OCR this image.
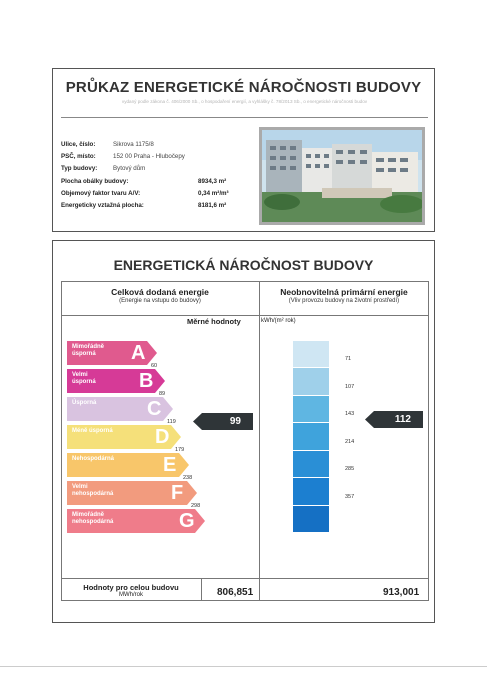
PRŮKAZ ENERGETICKÉ NÁROČNOSTI BUDOVY
vydaný podle zákona č. 406/2000 Sb., o hospodaření energií, a vyhlášky č. 78/2013 Sb., o energetické náročnosti budov
Ulice, číslo:	Sikrova 1175/8
PSČ, místo:	152 00 Praha - Hlubočepy
Typ budovy:	Bytový dům
Plocha obálky budovy:	8934,3 m²
Objemový faktor tvaru A/V:	0,34 m²/m³
Energeticky vztažná plocha:	8181,6 m²
ENERGETICKÁ NÁROČNOST BUDOVY
Celková dodaná energie
(Energie na vstupu do budovy)
Neobnovitelná primární energie
(Vliv provozu budovy na životní prostředí)
Měrné hodnoty	kWh/(m² rok)
Mimořádně
úsporná	A
60
Velmi
úsporná B
89
Úsporná	C
119
Méně úsporná D
179
Nehospodárná E
238
Velmi
nehospodárná	F
298
Mimořádně
nehospodárná	G
99
71
107
143
214
285
357
112
Hodnoty pro celou budovu
MWh/rok	806,851	913,001
